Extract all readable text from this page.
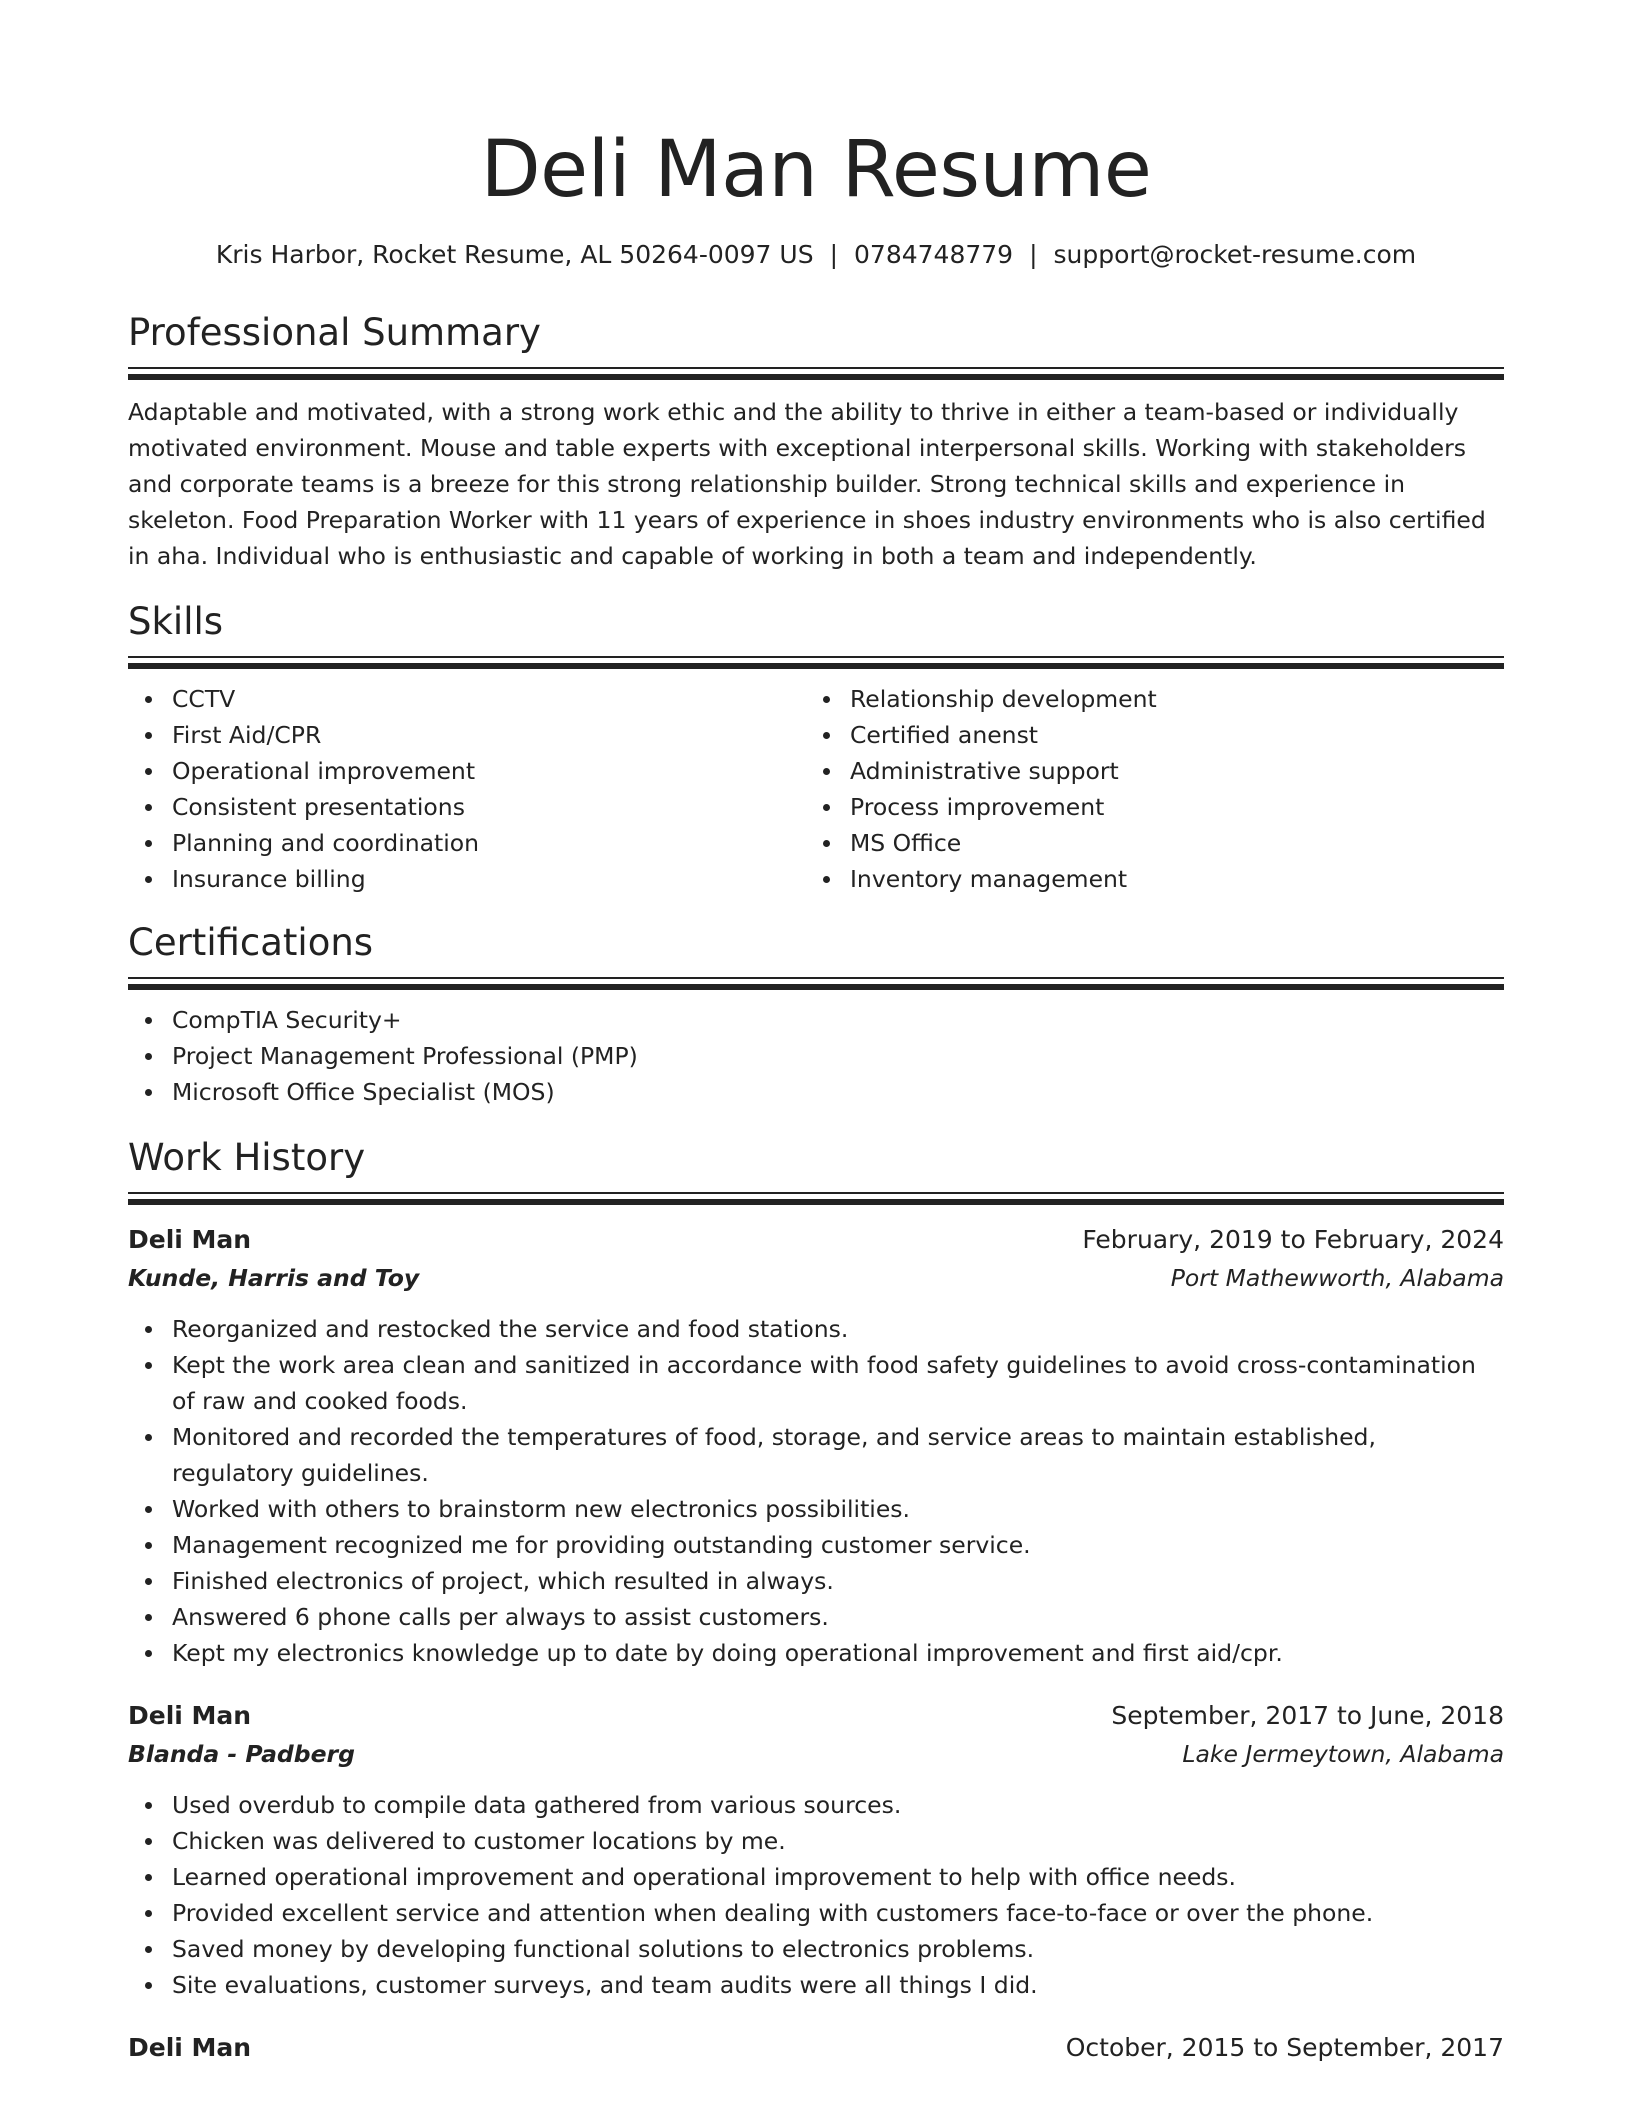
Deli Man Resume
Kris Harbor, Rocket Resume, AL 50264-0097 US | 0784748779 | support@rocket-resume.com
Professional Summary

Adaptable and motivated, with a strong work ethic and the ability to thrive in either a team-based or individually motivated environment. Mouse and table experts with exceptional interpersonal skills. Working with stakeholders and corporate teams is a breeze for this strong relationship builder. Strong technical skills and experience in skeleton. Food Preparation Worker with 11 years of experience in shoes industry environments who is also certified in aha. Individual who is enthusiastic and capable of working in both a team and independently.

Skills
CCTV
First Aid/CPR
Operational improvement
Consistent presentations
Planning and coordination
Insurance billing
Relationship development
Certified anenst
Administrative support
Process improvement
MS Office
Inventory management
Certifications
CompTIA Security+
Project Management Professional (PMP)
Microsoft Office Specialist (MOS)
Work History
Deli Man	February, 2019 to February, 2024
Kunde, Harris and Toy	Port Mathewworth, Alabama
Reorganized and restocked the service and food stations.
Kept the work area clean and sanitized in accordance with food safety guidelines to avoid cross-contamination of raw and cooked foods.
Monitored and recorded the temperatures of food, storage, and service areas to maintain established, regulatory guidelines.
Worked with others to brainstorm new electronics possibilities.
Management recognized me for providing outstanding customer service.
Finished electronics of project, which resulted in always.
Answered 6 phone calls per always to assist customers.
Kept my electronics knowledge up to date by doing operational improvement and first aid/cpr.
Deli Man	September, 2017 to June, 2018
Blanda - Padberg	Lake Jermeytown, Alabama
Used overdub to compile data gathered from various sources.
Chicken was delivered to customer locations by me.
Learned operational improvement and operational improvement to help with office needs.
Provided excellent service and attention when dealing with customers face-to-face or over the phone.
Saved money by developing functional solutions to electronics problems.
Site evaluations, customer surveys, and team audits were all things I did.
Deli Man	October, 2015 to September, 2017
